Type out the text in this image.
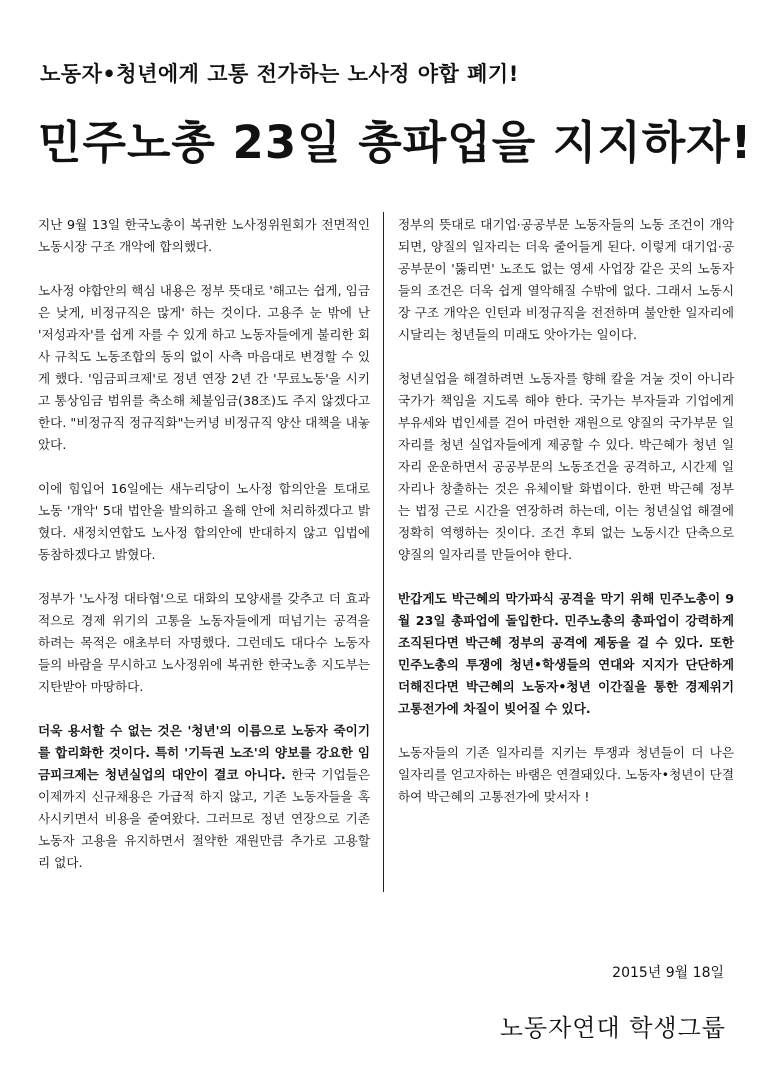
노동자•청년에게 고통 전가하는 노사정 야합 폐기!
민주노총 23일 총파업을 지지하자!

지난 9월 13일 한국노총이 복귀한 노사정위원회가 전면적인 노동시장 구조 개악에 합의했다.

노사정 야합안의 핵심 내용은 정부 뜻대로 '해고는 쉽게, 임금은 낮게, 비정규직은 많게' 하는 것이다. 고용주 눈 밖에 난 '저성과자'를 쉽게 자를 수 있게 하고 노동자들에게 불리한 회사 규칙도 노동조합의 동의 없이 사측 마음대로 변경할 수 있게 했다. '임금피크제'로 정년 연장 2년 간 '무료노동'을 시키고 통상임금 범위를 축소해 체불임금(38조)도 주지 않겠다고 한다. "비정규직 정규직화"는커녕 비정규직 양산 대책을 내놓았다.

이에 힘입어 16일에는 새누리당이 노사정 합의안을 토대로 노동 '개악' 5대 법안을 발의하고 올해 안에 처리하겠다고 밝혔다. 새정치연합도 노사정 합의안에 반대하지 않고 입법에 동참하겠다고 밝혔다.

정부가 '노사정 대타협'으로 대화의 모양새를 갖추고 더 효과적으로 경제 위기의 고통을 노동자들에게 떠넘기는 공격을 하려는 목적은 애초부터 자명했다. 그런데도 대다수 노동자들의 바람을 무시하고 노사정위에 복귀한 한국노총 지도부는 지탄받아 마땅하다.

더욱 용서할 수 없는 것은 '청년'의 이름으로 노동자 죽이기를 합리화한 것이다. 특히 '기득권 노조'의 양보를 강요한 임금피크제는 청년실업의 대안이 결코 아니다. 한국 기업들은 이제까지 신규채용은 가급적 하지 않고, 기존 노동자들을 혹사시키면서 비용을 줄여왔다. 그러므로 정년 연장으로 기존 노동자 고용을 유지하면서 절약한 재원만큼 추가로 고용할 리 없다.

정부의 뜻대로 대기업·공공부문 노동자들의 노동 조건이 개악되면, 양질의 일자리는 더욱 줄어들게 된다. 이렇게 대기업·공공부문이 '뚫리면' 노조도 없는 영세 사업장 같은 곳의 노동자들의 조건은 더욱 쉽게 열악해질 수밖에 없다. 그래서 노동시장 구조 개악은 인턴과 비정규직을 전전하며 불안한 일자리에 시달리는 청년들의 미래도 앗아가는 일이다.

청년실업을 해결하려면 노동자를 향해 칼을 겨눌 것이 아니라 국가가 책임을 지도록 해야 한다. 국가는 부자들과 기업에게 부유세와 법인세를 걷어 마련한 재원으로 양질의 국가부문 일자리를 청년 실업자들에게 제공할 수 있다. 박근혜가 청년 일자리 운운하면서 공공부문의 노동조건을 공격하고, 시간제 일자리나 창출하는 것은 유체이탈 화법이다. 한편 박근혜 정부는 법정 근로 시간을 연장하려 하는데, 이는 청년실업 해결에 정확히 역행하는 짓이다. 조건 후퇴 없는 노동시간 단축으로 양질의 일자리를 만들어야 한다.

반갑게도 박근혜의 막가파식 공격을 막기 위해 민주노총이 9월 23일 총파업에 돌입한다. 민주노총의 총파업이 강력하게 조직된다면 박근혜 정부의 공격에 제동을 걸 수 있다. 또한 민주노총의 투쟁에 청년•학생들의 연대와 지지가 단단하게 더해진다면 박근혜의 노동자•청년 이간질을 통한 경제위기 고통전가에 차질이 빚어질 수 있다.

노동자들의 기존 일자리를 지키는 투쟁과 청년들이 더 나은 일자리를 얻고자하는 바램은 연결돼있다. 노동자•청년이 단결하여 박근혜의 고통전가에 맞서자 !

2015년 9월 18일
노동자연대 학생그룹
